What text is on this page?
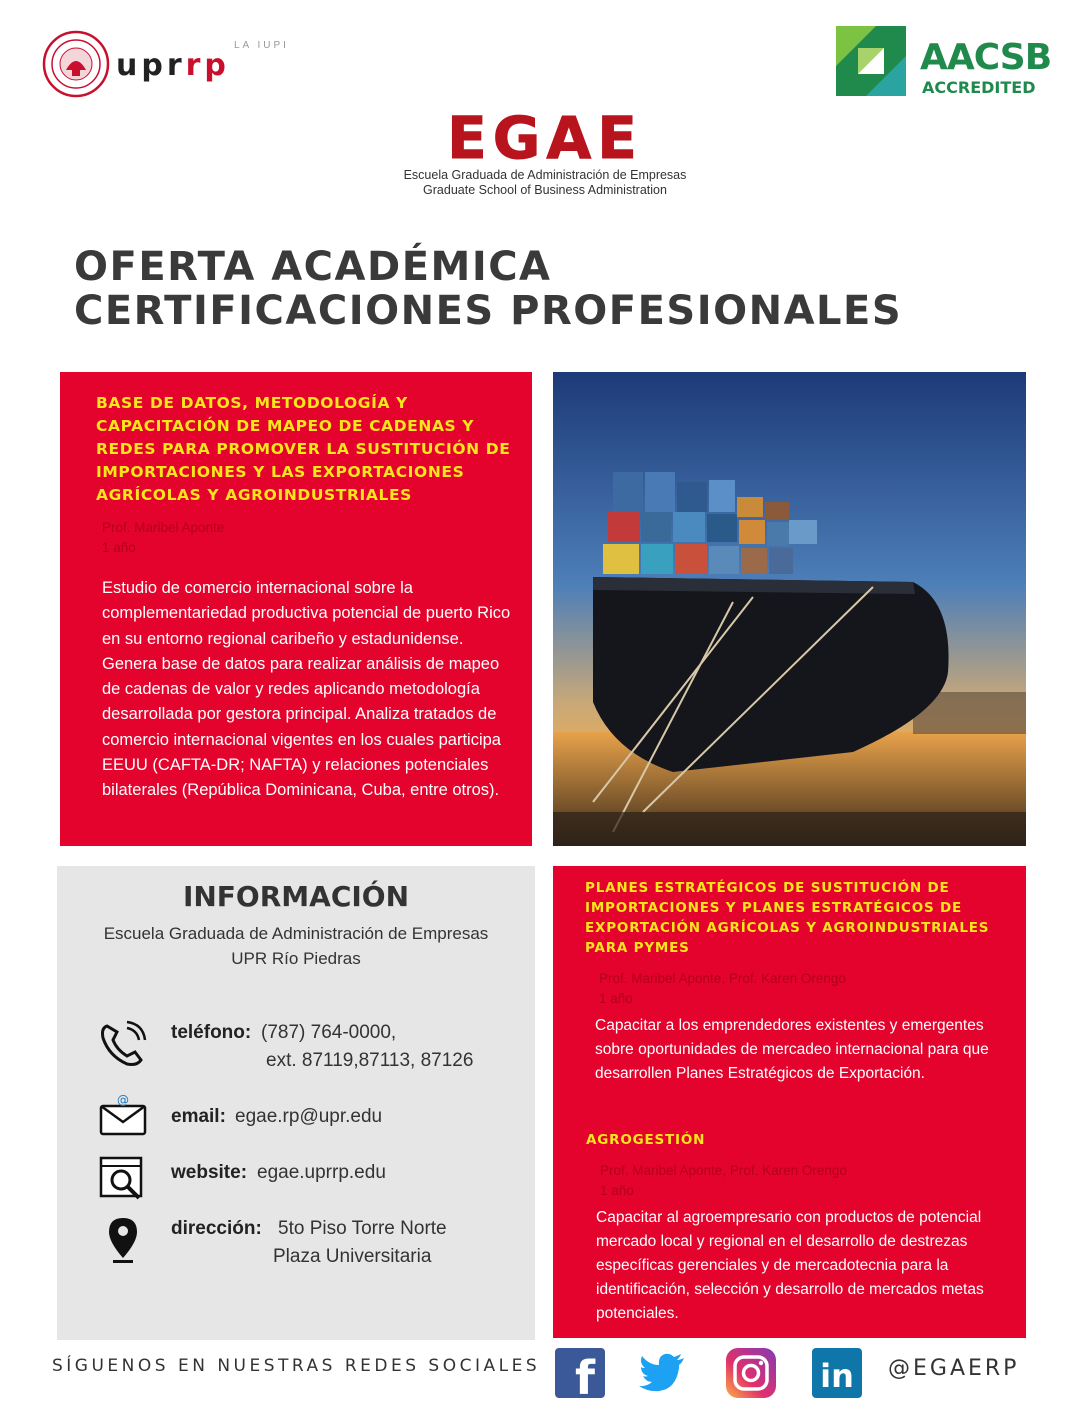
uprrp
LA IUPI	AACSB
ACCREDITED
EGAE
Escuela Graduada de Administración de Empresas
Graduate School of Business Administration
OFERTA ACADÉMICA
CERTIFICACIONES PROFESIONALES
BASE DE DATOS, METODOLOGÍA Y CAPACITACIÓN DE MAPEO DE CADENAS Y REDES PARA PROMOVER LA SUSTITUCIÓN DE IMPORTACIONES Y LAS EXPORTACIONES AGRÍCOLAS Y AGROINDUSTRIALES
Prof. Maribel Aponte
1 año
Estudio de comercio internacional sobre la complementariedad productiva potencial de puerto Rico en su entorno regional caribeño y estadunidense. Genera base de datos para realizar análisis de mapeo de cadenas de valor y redes aplicando metodología desarrollada por gestora principal. Analiza tratados de comercio internacional vigentes en los cuales participa EEUU (CAFTA-DR; NAFTA) y relaciones potenciales bilaterales (República Dominicana, Cuba, entre otros).
INFORMACIÓN
Escuela Graduada de Administración de Empresas
UPR Río Piedras
teléfono: (787) 764-0000,
ext. 87119,87113, 87126
@
email: egae.rp@upr.edu
website: egae.uprrp.edu
dirección: 5to Piso Torre Norte
Plaza Universitaria
PLANES ESTRATÉGICOS DE SUSTITUCIÓN DE IMPORTACIONES Y PLANES ESTRATÉGICOS DE EXPORTACIÓN AGRÍCOLAS Y AGROINDUSTRIALES PARA PYMES
Prof. Maribel Aponte, Prof. Karen Orengo
1 año
Capacitar a los emprendedores existentes y emergentes sobre oportunidades de mercadeo internacional para que desarrollen Planes Estratégicos de Exportación.
AGROGESTIÓN
Prof. Maribel Aponte, Prof. Karen Orengo
1 año
Capacitar al agroempresario con productos de potencial mercado local y regional en el desarrollo de destrezas específicas gerenciales y de mercadotecnia para la identificación, selección y desarrollo de mercados metas potenciales.
SÍGUENOS EN NUESTRAS REDES SOCIALES f	in @EGAERP
